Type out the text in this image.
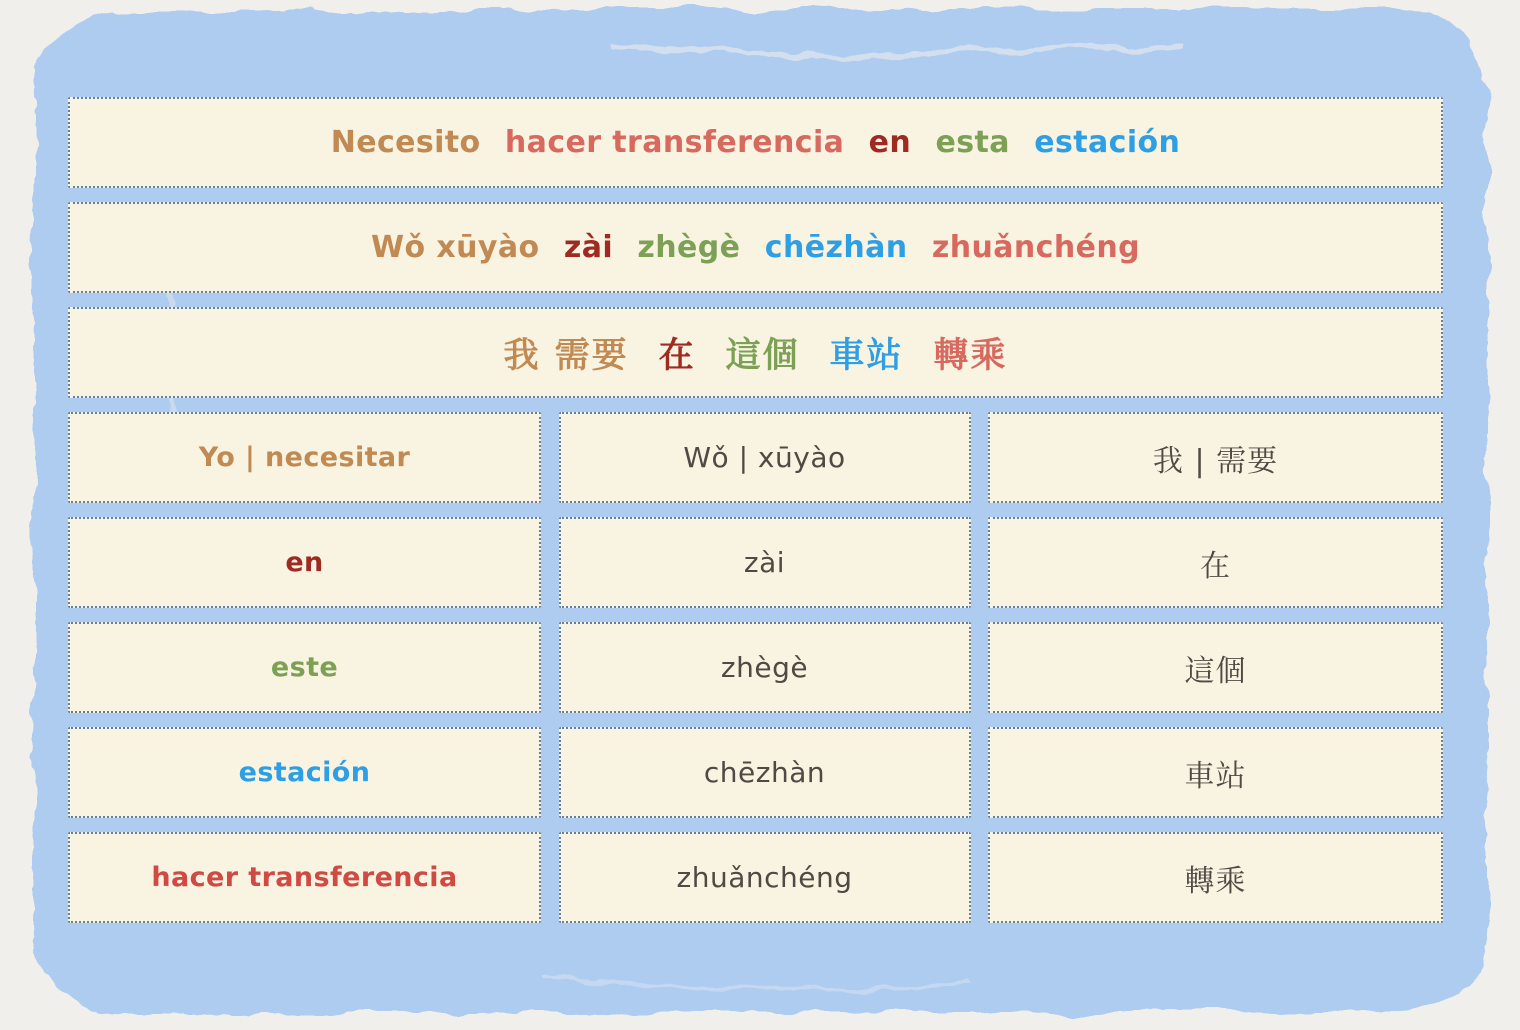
Necesito hacer transferencia en esta estación
Wǒ xūyào zài zhègè chēzhàn zhuǎnchéng
我 需要 在 這個 車站 轉乘
Yo | necesitar	Wǒ | xūyào	我 | 需要
en	zài	在
este	zhègè	這個
estación	chēzhàn	車站
hacer transferencia	zhuǎnchéng	轉乘
